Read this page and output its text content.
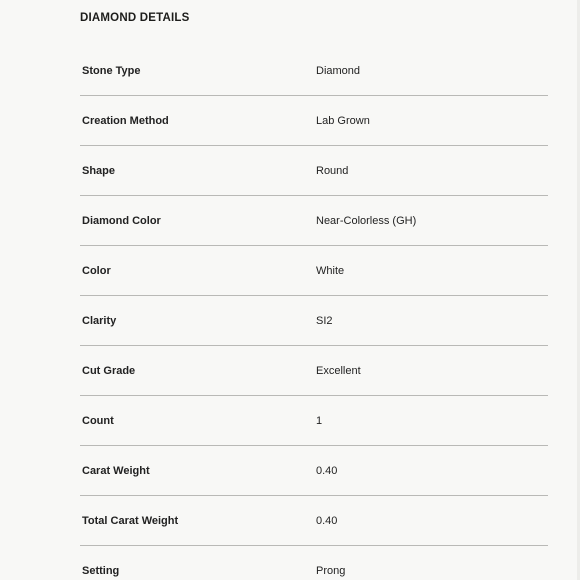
DIAMOND DETAILS
Stone Type	Diamond
Creation Method	Lab Grown
Shape	Round
Diamond Color	Near-Colorless (GH)
Color	White
Clarity	SI2
Cut Grade	Excellent
Count	1
Carat Weight	0.40
Total Carat Weight	0.40
Setting	Prong
